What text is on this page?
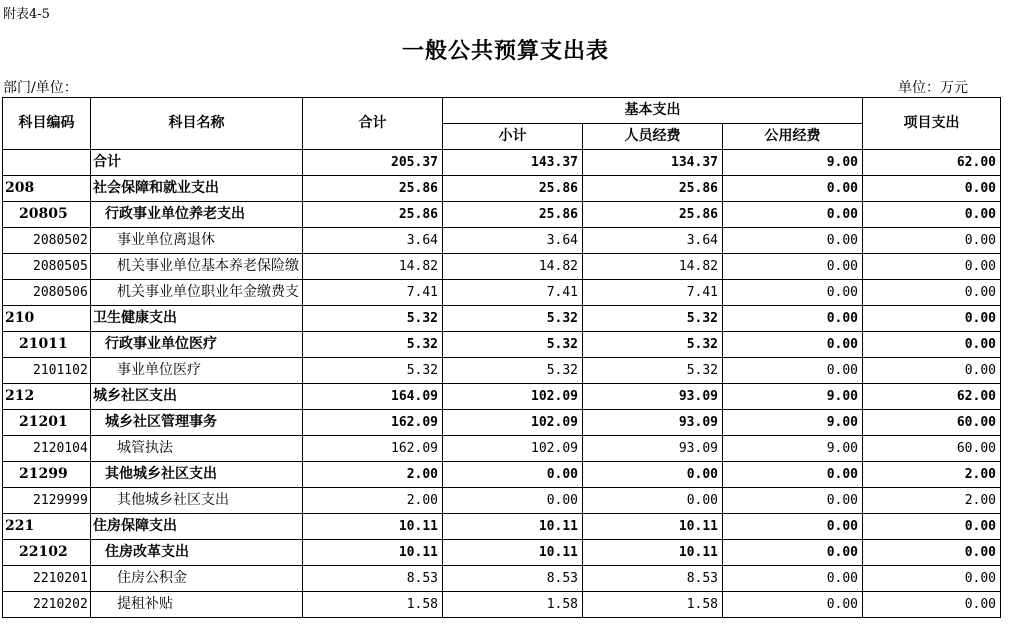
附表4-5
一般公共预算支出表
部门/单位：	单位：万元
科目编码	科目名称	合计	基本支出			项目支出
			小计	人员经费	公用经费	
	合计	205.37	143.37	134.37	9.00	62.00
208	社会保障和就业支出	25.86	25.86	25.86	0.00	0.00
20805	行政事业单位养老支出	25.86	25.86	25.86	0.00	0.00
2080502	事业单位离退休	3.64	3.64	3.64	0.00	0.00
2080505	机关事业单位基本养老保险缴	14.82	14.82	14.82	0.00	0.00
2080506	机关事业单位职业年金缴费支	7.41	7.41	7.41	0.00	0.00
210	卫生健康支出	5.32	5.32	5.32	0.00	0.00
21011	行政事业单位医疗	5.32	5.32	5.32	0.00	0.00
2101102	事业单位医疗	5.32	5.32	5.32	0.00	0.00
212	城乡社区支出	164.09	102.09	93.09	9.00	62.00
21201	城乡社区管理事务	162.09	102.09	93.09	9.00	60.00
2120104	城管执法	162.09	102.09	93.09	9.00	60.00
21299	其他城乡社区支出	2.00	0.00	0.00	0.00	2.00
2129999	其他城乡社区支出	2.00	0.00	0.00	0.00	2.00
221	住房保障支出	10.11	10.11	10.11	0.00	0.00
22102	住房改革支出	10.11	10.11	10.11	0.00	0.00
2210201	住房公积金	8.53	8.53	8.53	0.00	0.00
2210202	提租补贴	1.58	1.58	1.58	0.00	0.00
